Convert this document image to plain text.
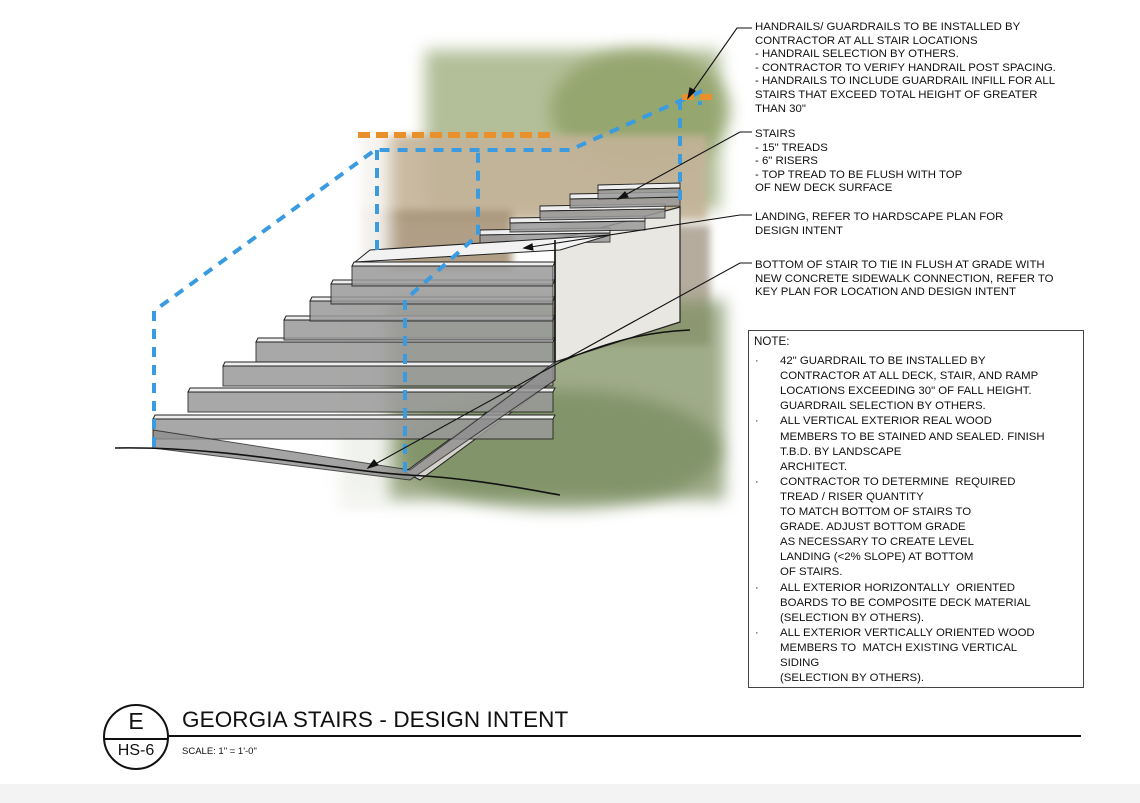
HANDRAILS/ GUARDRAILS TO BE INSTALLED BY
CONTRACTOR AT ALL STAIR LOCATIONS
- HANDRAIL SELECTION BY OTHERS.
- CONTRACTOR TO VERIFY HANDRAIL POST SPACING.
- HANDRAILS TO INCLUDE GUARDRAIL INFILL FOR ALL
STAIRS THAT EXCEED TOTAL HEIGHT OF GREATER
THAN 30"
STAIRS
- 15" TREADS
- 6" RISERS
- TOP TREAD TO BE FLUSH WITH TOP
OF NEW DECK SURFACE
LANDING, REFER TO HARDSCAPE PLAN FOR
DESIGN INTENT
BOTTOM OF STAIR TO TIE IN FLUSH AT GRADE WITH
NEW CONCRETE SIDEWALK CONNECTION, REFER TO
KEY PLAN FOR LOCATION AND DESIGN INTENT
NOTE:
· 42" GUARDRAIL TO BE INSTALLED BY
CONTRACTOR AT ALL DECK, STAIR, AND RAMP
LOCATIONS EXCEEDING 30" OF FALL HEIGHT.
GUARDRAIL SELECTION BY OTHERS.
· ALL VERTICAL EXTERIOR REAL WOOD
MEMBERS TO BE STAINED AND SEALED. FINISH
T.B.D. BY LANDSCAPE
ARCHITECT.
· CONTRACTOR TO DETERMINE  REQUIRED
TREAD / RISER QUANTITY
TO MATCH BOTTOM OF STAIRS TO
GRADE. ADJUST BOTTOM GRADE
AS NECESSARY TO CREATE LEVEL
LANDING (<2% SLOPE) AT BOTTOM
OF STAIRS.
· ALL EXTERIOR HORIZONTALLY  ORIENTED
BOARDS TO BE COMPOSITE DECK MATERIAL
(SELECTION BY OTHERS).
· ALL EXTERIOR VERTICALLY ORIENTED WOOD
MEMBERS TO  MATCH EXISTING VERTICAL
SIDING
(SELECTION BY OTHERS).
E
HS-6
GEORGIA STAIRS - DESIGN INTENT
SCALE: 1" = 1'-0"
